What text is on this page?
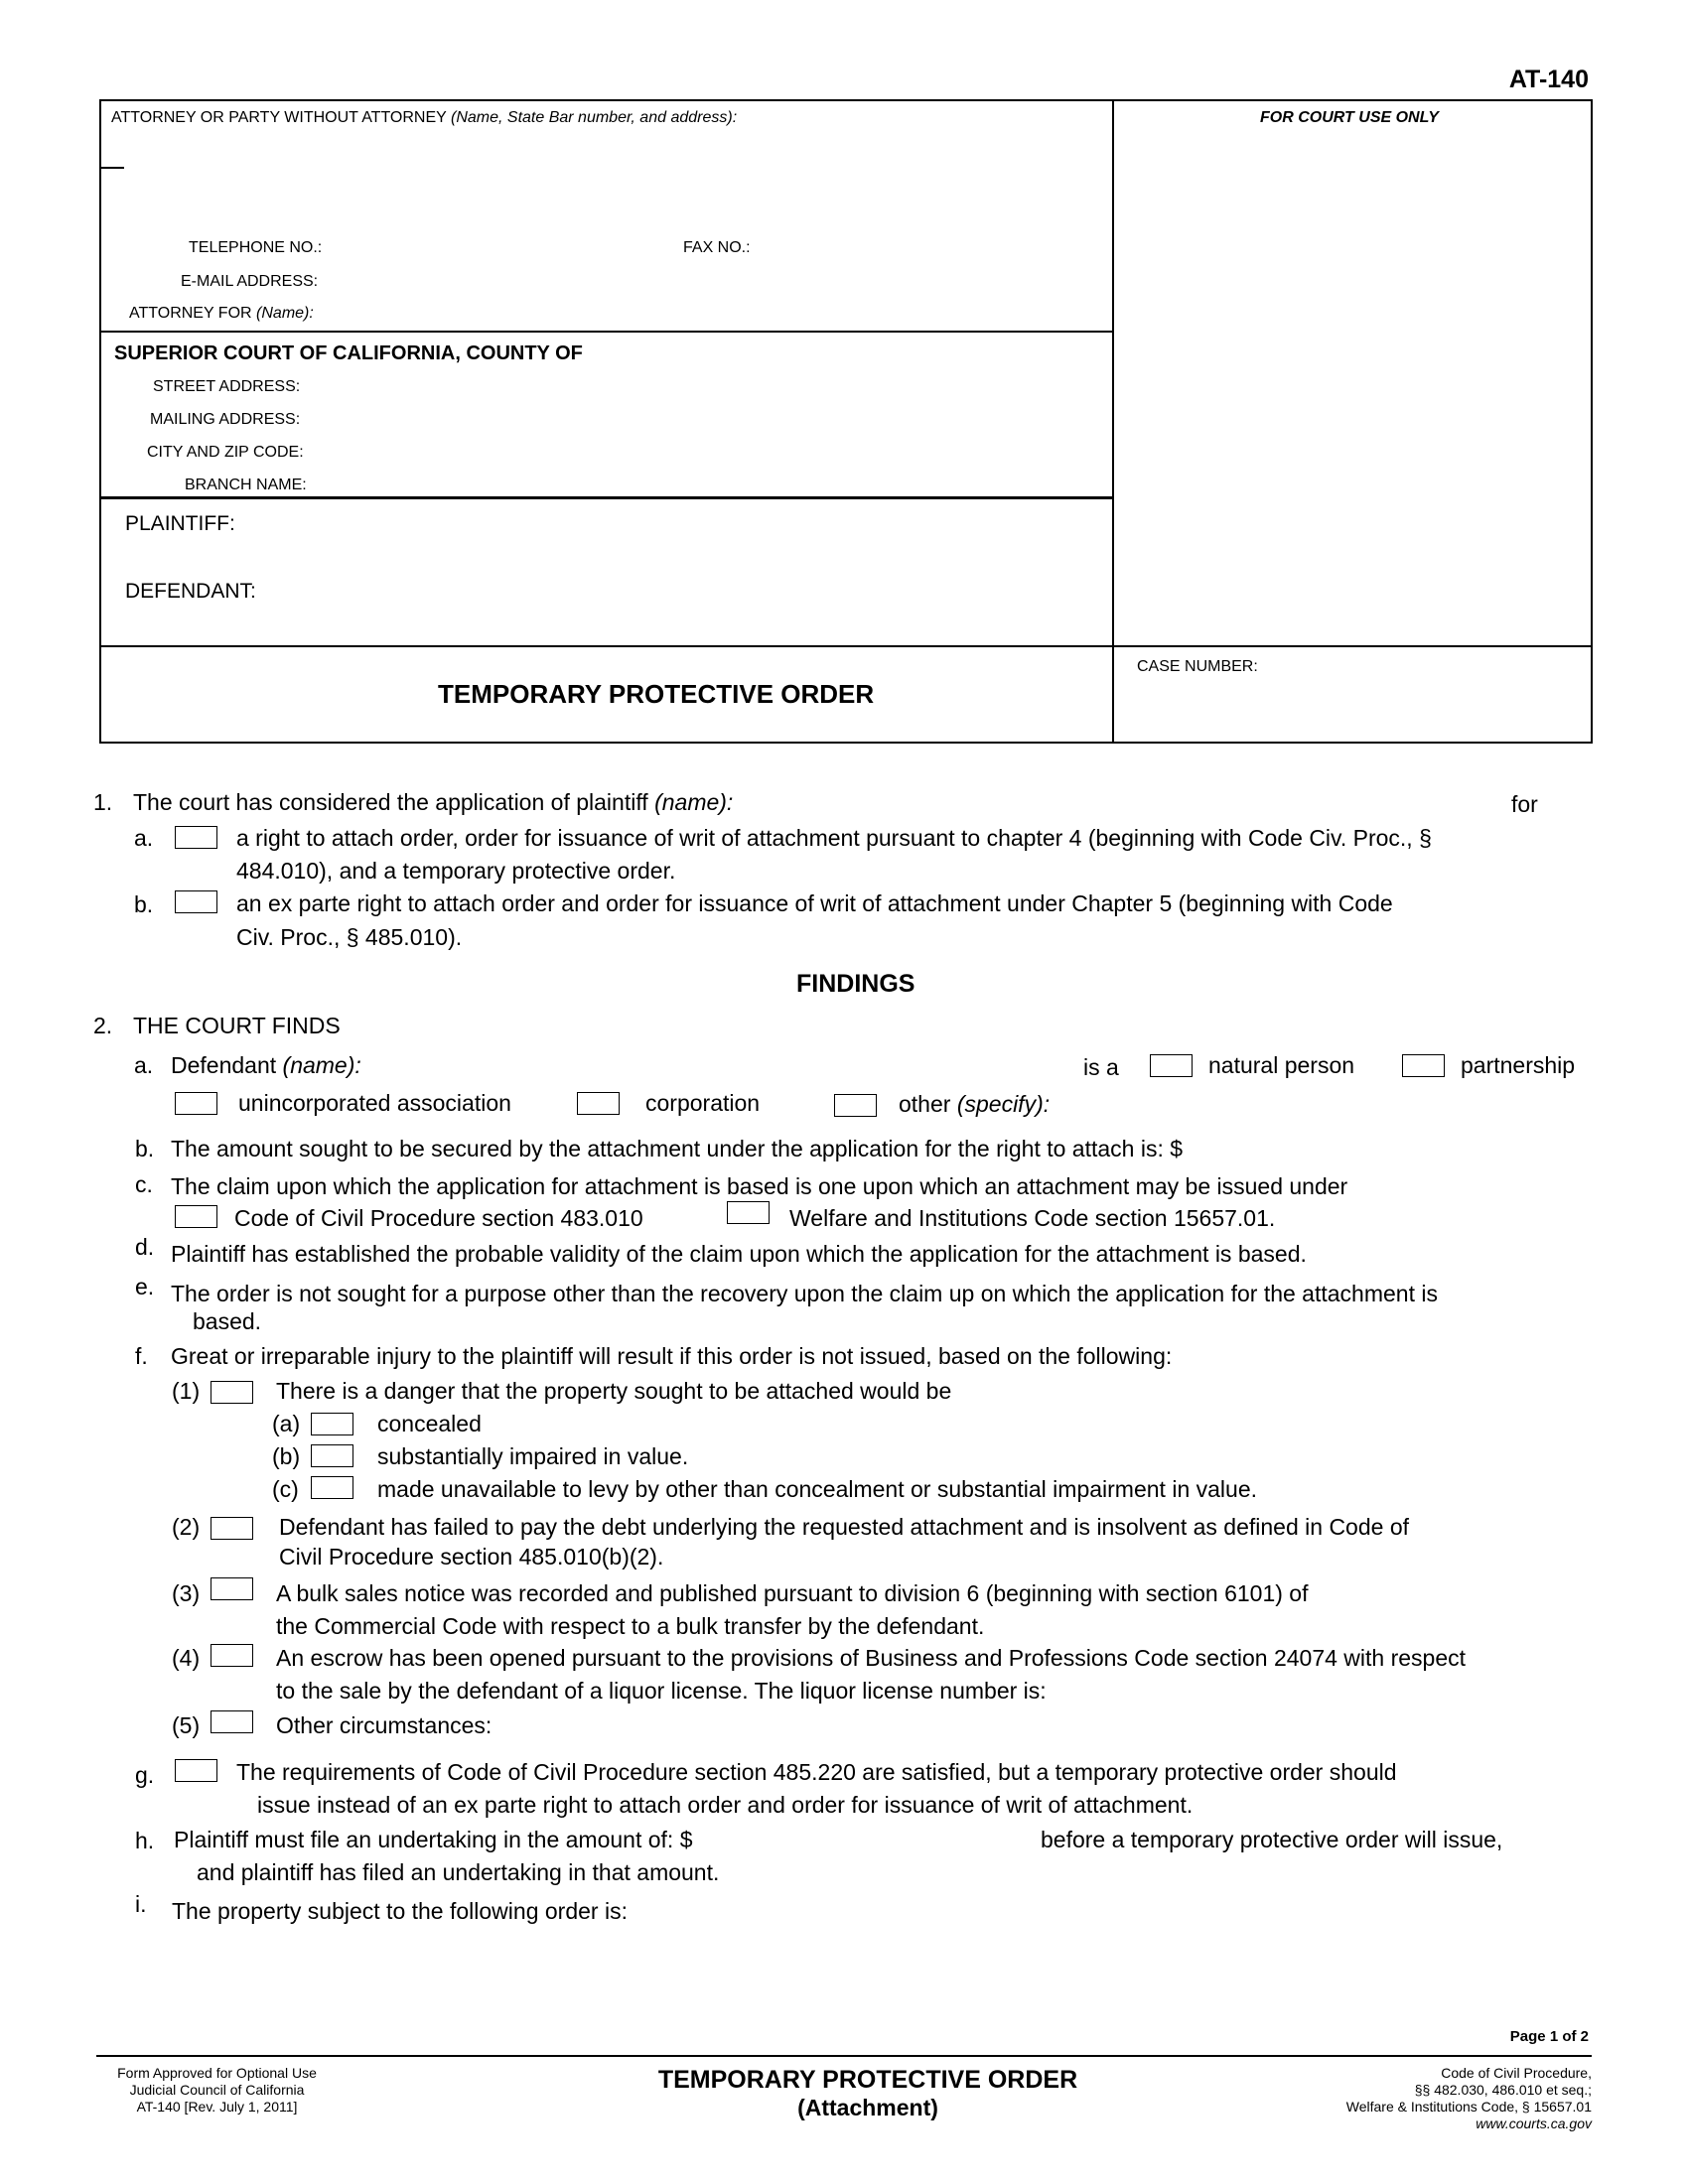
AT-140
ATTORNEY OR PARTY WITHOUT ATTORNEY (Name, State Bar number, and address):	FOR COURT USE ONLY
TELEPHONE NO.:	FAX NO.:
E-MAIL ADDRESS:
ATTORNEY FOR (Name):
SUPERIOR COURT OF CALIFORNIA, COUNTY OF
STREET ADDRESS:
MAILING ADDRESS:
CITY AND ZIP CODE:
BRANCH NAME:
PLAINTIFF:
DEFENDANT:
TEMPORARY PROTECTIVE ORDER
CASE NUMBER:
1. The court has considered the application of plaintiff (name):	for
a.	a right to attach order, order for issuance of writ of attachment pursuant to chapter 4 (beginning with Code Civ. Proc., §
484.010), and a temporary protective order.
b.	an ex parte right to attach order and order for issuance of writ of attachment under Chapter 5 (beginning with Code
Civ. Proc., § 485.010).
FINDINGS
2. THE COURT FINDS
a. Defendant (name):	is a	natural person	partnership
unincorporated association	corporation	other (specify):
b. The amount sought to be secured by the attachment under the application for the right to attach is: $
c. The claim upon which the application for attachment is based is one upon which an attachment may be issued under
Code of Civil Procedure section 483.010	Welfare and Institutions Code section 15657.01.
d. Plaintiff has established the probable validity of the claim upon which the application for the attachment is based.
e. The order is not sought for a purpose other than the recovery upon the claim up on which the application for the attachment is
based.
f. Great or irreparable injury to the plaintiff will result if this order is not issued, based on the following:
(1)	There is a danger that the property sought to be attached would be
(a)	concealed
(b)	substantially impaired in value.
(c)	made unavailable to levy by other than concealment or substantial impairment in value.
(2)	Defendant has failed to pay the debt underlying the requested attachment and is insolvent as defined in Code of
Civil Procedure section 485.010(b)(2).
(3)	A bulk sales notice was recorded and published pursuant to division 6 (beginning with section 6101) of
the Commercial Code with respect to a bulk transfer by the defendant.
(4)	An escrow has been opened pursuant to the provisions of Business and Professions Code section 24074 with respect
to the sale by the defendant of a liquor license. The liquor license number is:
(5)	Other circumstances:
g.	The requirements of Code of Civil Procedure section 485.220 are satisfied, but a temporary protective order should
issue instead of an ex parte right to attach order and order for issuance of writ of attachment.
h. Plaintiff must file an undertaking in the amount of: $	before a temporary protective order will issue,
and plaintiff has filed an undertaking in that amount.
i. The property subject to the following order is:
Page 1 of 2
Form Approved for Optional Use
Judicial Council of California
AT-140 [Rev. July 1, 2011]
TEMPORARY PROTECTIVE ORDER
(Attachment)
Code of Civil Procedure,
§§ 482.030, 486.010 et seq.;
Welfare & Institutions Code, § 15657.01
www.courts.ca.gov
